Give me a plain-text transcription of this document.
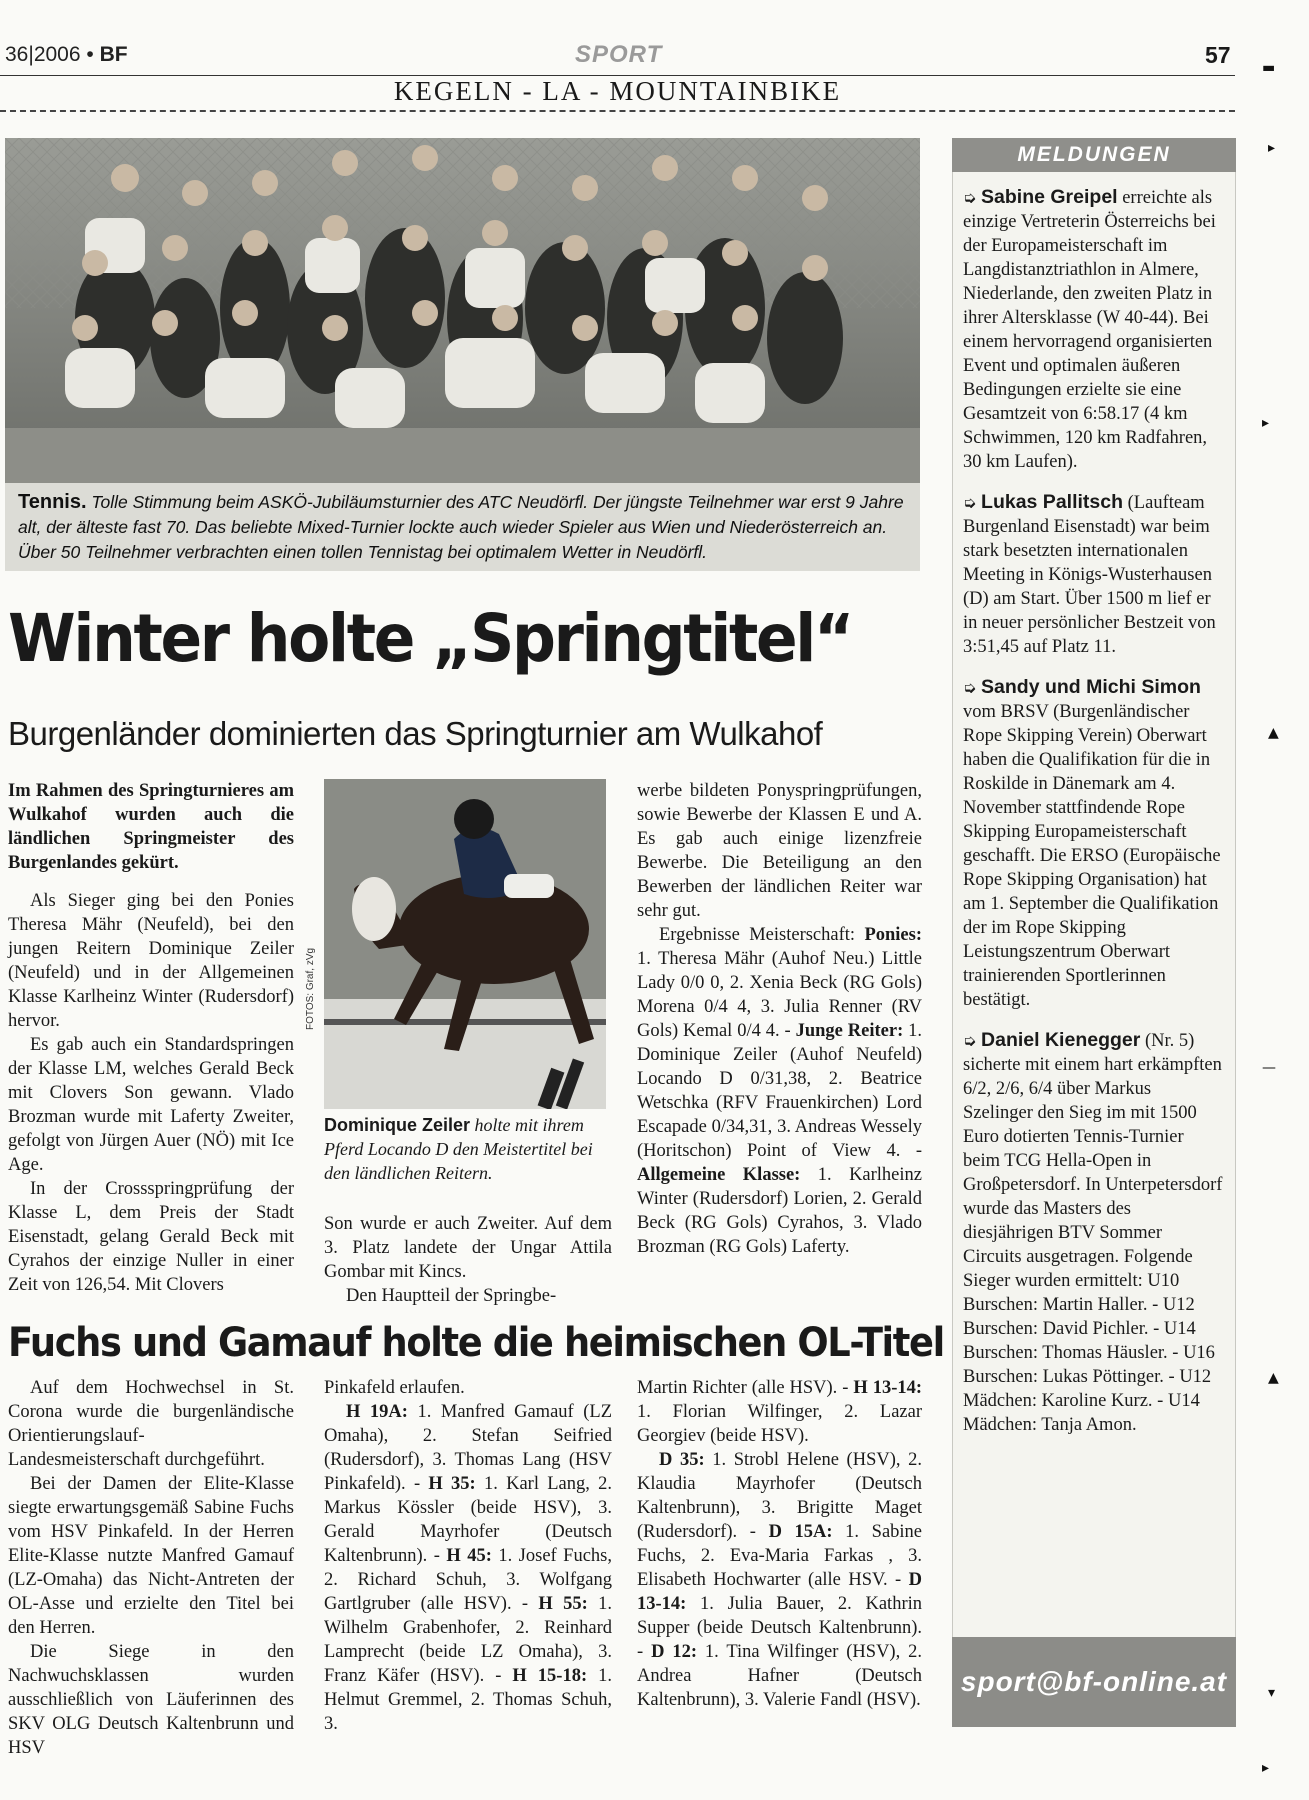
36|2006 • BF	SPORT	57
KEGELN - LA - MOUNTAINBIKE
Tennis. Tolle Stimmung beim ASKÖ-Jubiläumsturnier des ATC Neudörfl. Der jüngste Teilnehmer war erst 9 Jahre alt, der älteste fast 70. Das beliebte Mixed-Turnier lockte auch wieder Spieler aus Wien und Niederösterreich an. Über 50 Teilnehmer verbrachten einen tollen Tennistag bei optimalem Wetter in Neudörfl.
Winter holte „Springtitel“
Burgenländer dominierten das Springturnier am Wulkahof

Im Rahmen des Springturnieres am Wulkahof wurden auch die ländlichen Springmeister des Burgenlandes gekürt.

Als Sieger ging bei den Ponies Theresa Mähr (Neufeld), bei den jungen Reitern Dominique Zeiler (Neufeld) und in der Allgemeinen Klasse Karlheinz Winter (Rudersdorf) hervor.

Es gab auch ein Standardspringen der Klasse LM, welches Gerald Beck mit Clovers Son gewann. Vlado Brozman wurde mit Laferty Zweiter, gefolgt von Jürgen Auer (NÖ) mit Ice Age.

In der Crossspringprüfung der Klasse L, dem Preis der Stadt Eisenstadt, gelang Gerald Beck mit Cyrahos der einzige Nuller in einer Zeit von 126,54. Mit Clovers

FOTOS: Graf, zVg
Dominique Zeiler holte mit ihrem Pferd Locando D den Meistertitel bei den ländlichen Reitern.

Son wurde er auch Zweiter. Auf dem 3. Platz landete der Ungar Attila Gombar mit Kincs.

Den Hauptteil der Springbe-

werbe bildeten Ponyspringprüfungen, sowie Bewerbe der Klassen E und A. Es gab auch einige lizenzfreie Bewerbe. Die Beteiligung an den Bewerben der ländlichen Reiter war sehr gut.

Ergebnisse Meisterschaft: Ponies: 1. Theresa Mähr (Auhof Neu.) Little Lady 0/0 0, 2. Xenia Beck (RG Gols) Morena 0/4 4, 3. Julia Renner (RV Gols) Kemal 0/4 4. - Junge Reiter: 1. Dominique Zeiler (Auhof Neufeld) Locando D 0/31,38, 2. Beatrice Wetschka (RFV Frauenkirchen) Lord Escapade 0/34,31, 3. Andreas Wessely (Horitschon) Point of View 4. - Allgemeine Klasse: 1. Karlheinz Winter (Rudersdorf) Lorien, 2. Gerald Beck (RG Gols) Cyrahos, 3. Vlado Brozman (RG Gols) Laferty.

Fuchs und Gamauf holte die heimischen OL-Titel

Auf dem Hochwechsel in St. Corona wurde die burgenländische Orientierungslauf-Landesmeisterschaft durchgeführt.

Bei der Damen der Elite-Klasse siegte erwartungsgemäß Sabine Fuchs vom HSV Pinkafeld. In der Herren Elite-Klasse nutzte Manfred Gamauf (LZ-Omaha) das Nicht-Antreten der OL-Asse und erzielte den Titel bei den Herren.

Die Siege in den Nachwuchsklassen wurden ausschließlich von Läuferinnen des SKV OLG Deutsch Kaltenbrunn und HSV

Pinkafeld erlaufen.

H 19A: 1. Manfred Gamauf (LZ Omaha), 2. Stefan Seifried (Rudersdorf), 3. Thomas Lang (HSV Pinkafeld). - H 35: 1. Karl Lang, 2. Markus Kössler (beide HSV), 3. Gerald Mayrhofer (Deutsch Kaltenbrunn). - H 45: 1. Josef Fuchs, 2. Richard Schuh, 3. Wolfgang Gartlgruber (alle HSV). - H 55: 1. Wilhelm Grabenhofer, 2. Reinhard Lamprecht (beide LZ Omaha), 3. Franz Käfer (HSV). - H 15-18: 1. Helmut Gremmel, 2. Thomas Schuh, 3.

Martin Richter (alle HSV). - H 13-14: 1. Florian Wilfinger, 2. Lazar Georgiev (beide HSV).

D 35: 1. Strobl Helene (HSV), 2. Klaudia Mayrhofer (Deutsch Kaltenbrunn), 3. Brigitte Maget (Rudersdorf). - D 15A: 1. Sabine Fuchs, 2. Eva-Maria Farkas , 3. Elisabeth Hochwarter (alle HSV. - D 13-14: 1. Julia Bauer, 2. Kathrin Supper (beide Deutsch Kaltenbrunn). - D 12: 1. Tina Wilfinger (HSV), 2. Andrea Hafner (Deutsch Kaltenbrunn), 3. Valerie Fandl (HSV).

MELDUNGEN

➭ Sabine Greipel erreichte als einzige Vertreterin Österreichs bei der Europameisterschaft im Langdistanztriathlon in Almere, Niederlande, den zweiten Platz in ihrer Altersklasse (W 40-44). Bei einem hervorragend organisierten Event und optimalen äußeren Bedingungen erzielte sie eine Gesamtzeit von 6:58.17 (4 km Schwimmen, 120 km Radfahren, 30 km Laufen).

➭ Lukas Pallitsch (Laufteam Burgenland Eisenstadt) war beim stark besetzten internationalen Meeting in Königs-Wusterhausen (D) am Start. Über 1500 m lief er in neuer persönlicher Bestzeit von 3:51,45 auf Platz 11.

➭ Sandy und Michi Simon vom BRSV (Burgenländischer Rope Skipping Verein) Oberwart haben die Qualifikation für die in Roskilde in Dänemark am 4. November stattfindende Rope Skipping Europameisterschaft geschafft. Die ERSO (Europäische Rope Skipping Organisation) hat am 1. September die Qualifikation der im Rope Skipping Leistungszentrum Oberwart trainierenden Sportlerinnen bestätigt.

➭ Daniel Kienegger (Nr. 5) sicherte mit einem hart erkämpften 6/2, 2/6, 6/4 über Markus Szelinger den Sieg im mit 1500 Euro dotierten Tennis-Turnier beim TCG Hella-Open in Großpetersdorf. In Unterpetersdorf wurde das Masters des diesjährigen BTV Sommer Circuits ausgetragen. Folgende Sieger wurden ermittelt: U10 Burschen: Martin Haller. - U12 Burschen: David Pichler. - U14 Burschen: Thomas Häusler. - U16 Burschen: Lukas Pöttinger. - U12 Mädchen: Karoline Kurz. - U14 Mädchen: Tanja Amon.

sport@bf-online.at
▬
▸
▸
▲
—
▲
▾
▸
